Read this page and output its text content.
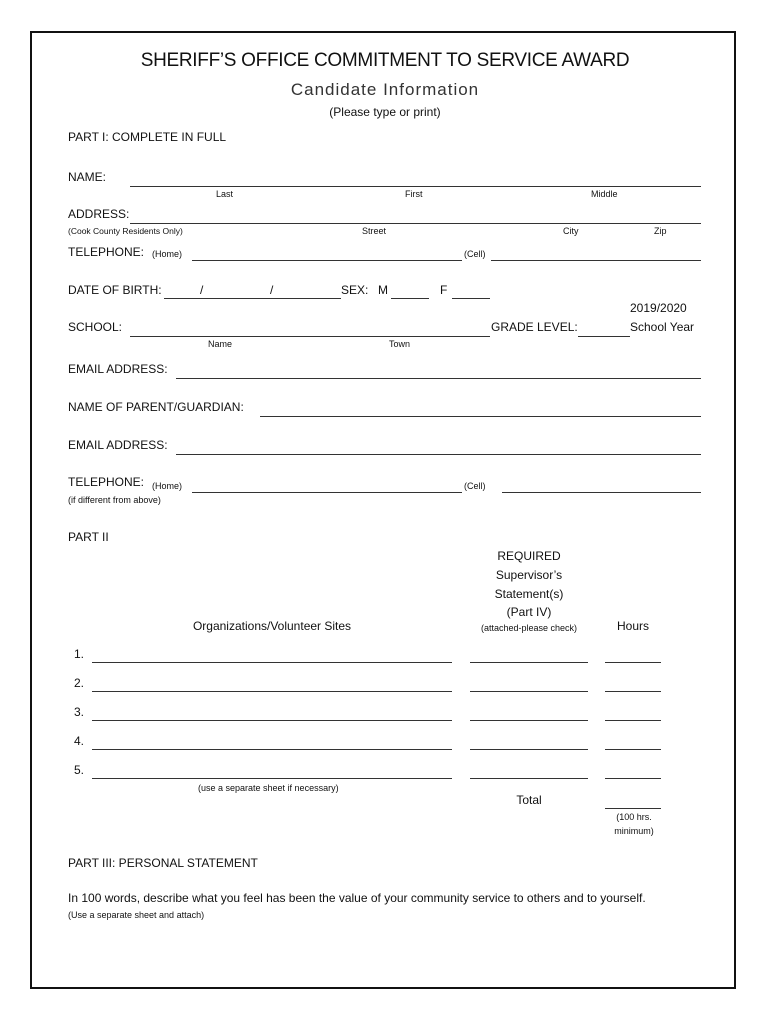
SHERIFF’S OFFICE COMMITMENT TO SERVICE AWARD
Candidate Information
(Please type or print)
PART I: COMPLETE IN FULL
NAME:
Last	First	Middle
ADDRESS:
(Cook County Residents Only)	Street	City	Zip
TELEPHONE: (Home)	(Cell)
DATE OF BIRTH:	/	/	SEX: M	F
2019/2020
SCHOOL:	GRADE LEVEL:	School Year
Name	Town
EMAIL ADDRESS:
NAME OF PARENT/GUARDIAN:
EMAIL ADDRESS:
TELEPHONE: (Home)	(Cell)
(if different from above)
PART II
REQUIRED
Supervisor’s
Statement(s)
(Part IV)
(attached-please check)
Organizations/Volunteer Sites	Hours
1.
2.
3.
4.
5.
(use a separate sheet if necessary)
Total
(100 hrs.
minimum)
PART III: PERSONAL STATEMENT
In 100 words, describe what you feel has been the value of your community service to others and to yourself.
(Use a separate sheet and attach)
